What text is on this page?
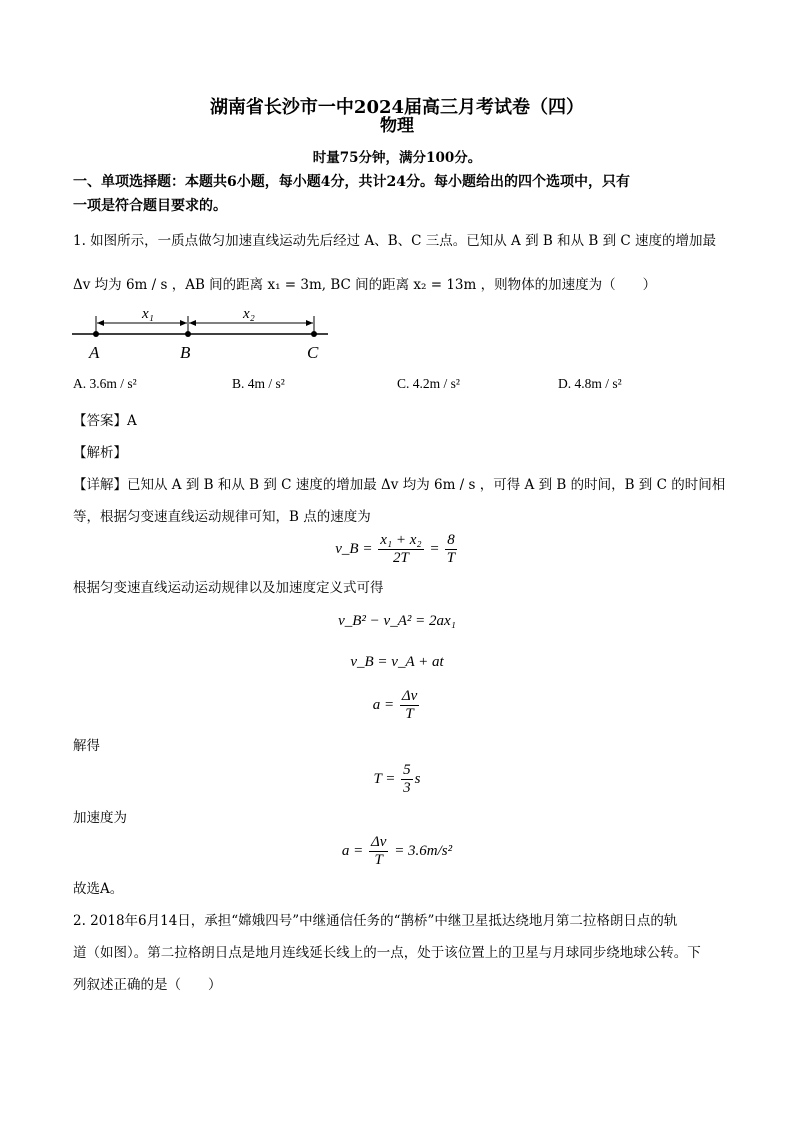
湖南省长沙市一中2024届高三月考试卷（四）
物理
时量75分钟，满分100分。
一、单项选择题：本题共6小题，每小题4分，共计24分。每小题给出的四个选项中，只有
一项是符合题目要求的。
1. 如图所示，一质点做匀加速直线运动先后经过 A、B、C 三点。已知从 A 到 B 和从 B 到 C 速度的增加最
Δv 均为 6m / s ，AB 间的距离 x₁ = 3m, BC 间的距离 x₂ = 13m ，则物体的加速度为（　　）
x₁	x₂
A	B	C
A. 3.6m / s²	B. 4m / s²	C. 4.2m / s²	D. 4.8m / s²
【答案】A
【解析】
【详解】已知从 A 到 B 和从 B 到 C 速度的增加最 Δv 均为 6m / s ，可得 A 到 B 的时间，B 到 C 的时间相
等，根据匀变速直线运动规律可知，B 点的速度为
v_B = $\frac{\text{x₁ + x₂}}{2T} = \frac{8}{T}$
根据匀变速直线运动运动规律以及加速度定义式可得
v_B² − v_A² = 2ax₁
v_B = v_A + at
$a = \frac{\Delta v}{T}$
解得
$T = \frac{5}{3}$ s
加速度为
$a = \frac{\Delta v}{T} = 3.6m/s^2$
故选A。
2. 2018年6月14日，承担“嫦娥四号”中继通信任务的“鹊桥”中继卫星抵达绕地月第二拉格朗日点的轨
道（如图）。第二拉格朗日点是地月连线延长线上的一点，处于该位置上的卫星与月球同步绕地球公转。下
列叙述正确的是（　　）
